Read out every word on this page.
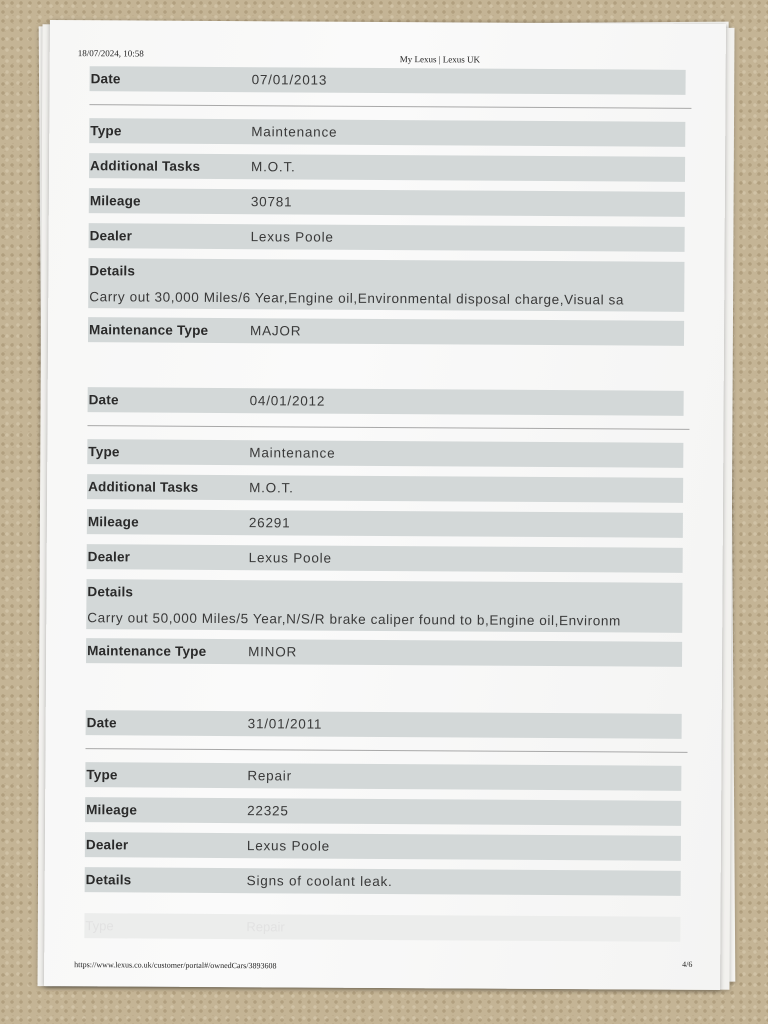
18/07/2024, 10:58
My Lexus | Lexus UK
Date	07/01/2013
Type	Maintenance
Additional Tasks	M.O.T.
Mileage	30781
Dealer	Lexus Poole
Details
Carry out 30,000 Miles/6 Year,Engine oil,Environmental disposal charge,Visual sa
Maintenance Type	MAJOR
Date	04/01/2012
Type	Maintenance
Additional Tasks	M.O.T.
Mileage	26291
Dealer	Lexus Poole
Details
Carry out 50,000 Miles/5 Year,N/S/R brake caliper found to b,Engine oil,Environm
Maintenance Type	MINOR
Date	31/01/2011
Type	Repair
Mileage	22325
Dealer	Lexus Poole
Details	Signs of coolant leak.
Type	Repair
https://www.lexus.co.uk/customer/portal#/ownedCars/3893608	4/6
